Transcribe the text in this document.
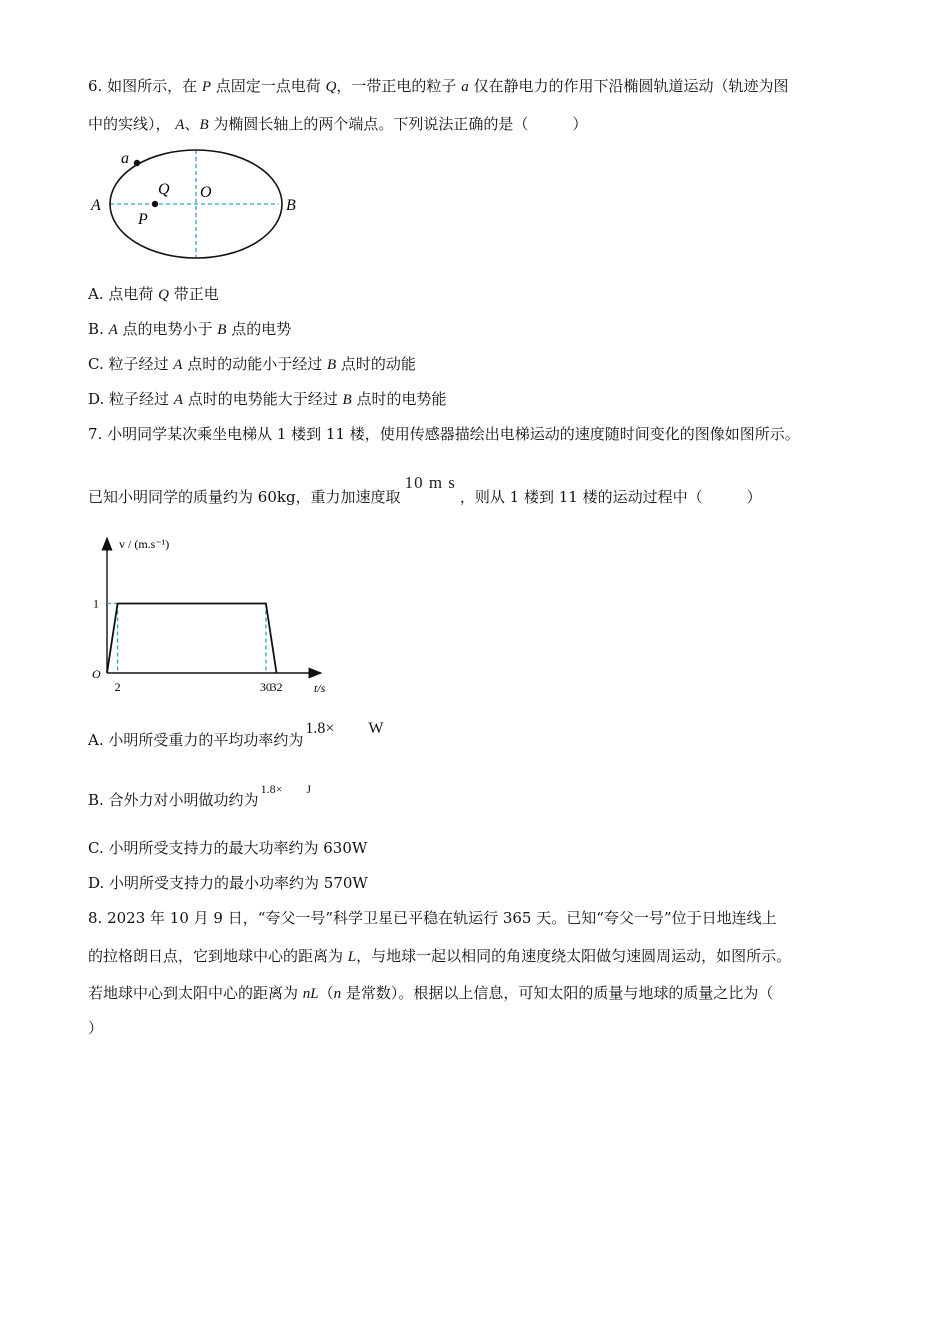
6. 如图所示，在 P 点固定一点电荷 Q，一带正电的粒子 a 仅在静电力的作用下沿椭圆轨道运动（轨迹为图
中的实线）， A、B 为椭圆长轴上的两个端点。下列说法正确的是（	）
a
A	B
Q O
P
A. 点电荷 Q 带正电
B. A 点的电势小于 B 点的电势
C. 粒子经过 A 点时的动能小于经过 B 点时的动能
D. 粒子经过 A 点时的电势能大于经过 B 点时的电势能
7. 小明同学某次乘坐电梯从 1 楼到 11 楼，使用传感器描绘出电梯运动的速度随时间变化的图像如图所示。
已知小明同学的质量约为 60kg，重力加速度取10 m s，则从 1 楼到 11 楼的运动过程中（	）
v / (m.s⁻¹)
t/s
O
2	30
32
1
A. 小明所受重力的平均功率约为1.8× W
B. 合外力对小明做功约为$^{1.8\times}$ $^J$
C. 小明所受支持力的最大功率约为 630W
D. 小明所受支持力的最小功率约为 570W
8. 2023 年 10 月 9 日，“夸父一号”科学卫星已平稳在轨运行 365 天。已知“夸父一号”位于日地连线上
的拉格朗日点，它到地球中心的距离为 L，与地球一起以相同的角速度绕太阳做匀速圆周运动，如图所示。
若地球中心到太阳中心的距离为 nL（n 是常数）。根据以上信息，可知太阳的质量与地球的质量之比为（
）
